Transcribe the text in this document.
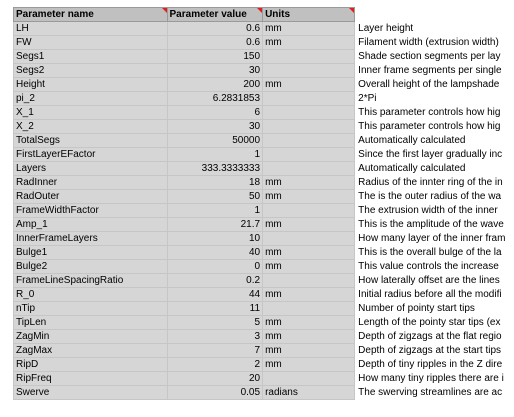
Parameter name	Parameter value	Units

LH	0.6	mm	Layer height
FW	0.6	mm	Filament width (extrusion width)
Segs1	150		Shade section segments per lay
Segs2	30		Inner frame segments per single
Height	200	mm	Overall height of the lampshade
pi_2	6.2831853		2*Pi
X_1	6		This parameter controls how hig
X_2	30		This parameter controls how hig
TotalSegs	50000		Automatically calculated
FirstLayerEFactor	1		Since the first layer gradually inc
Layers	333.3333333		Automatically calculated
RadInner	18	mm	Radius of the innter ring of the in
RadOuter	50	mm	The is the outer radius of the wa
FrameWidthFactor	1		The extrusion width of the inner
Amp_1	21.7	mm	This is the amplitude of the wave
InnerFrameLayers	10		How many layer of the inner fram
Bulge1	40	mm	This is the overall bulge of the la
Bulge2	0	mm	This value controls the increase
FrameLineSpacingRatio	0.2		How laterally offset are the lines
R_0	44	mm	Initial radius before all the modifi
nTip	11		Number of pointy start tips
TipLen	5	mm	Length of the pointy star tips (ex
ZagMin	3	mm	Depth of zigzags at the flat regio
ZagMax	7	mm	Depth of zigzags at the start tips
RipD	2	mm	Depth of tiny ripples in the Z dire
RipFreq	20		How many tiny ripples there are i
Swerve	0.05	radians	The swerving streamlines are ac
